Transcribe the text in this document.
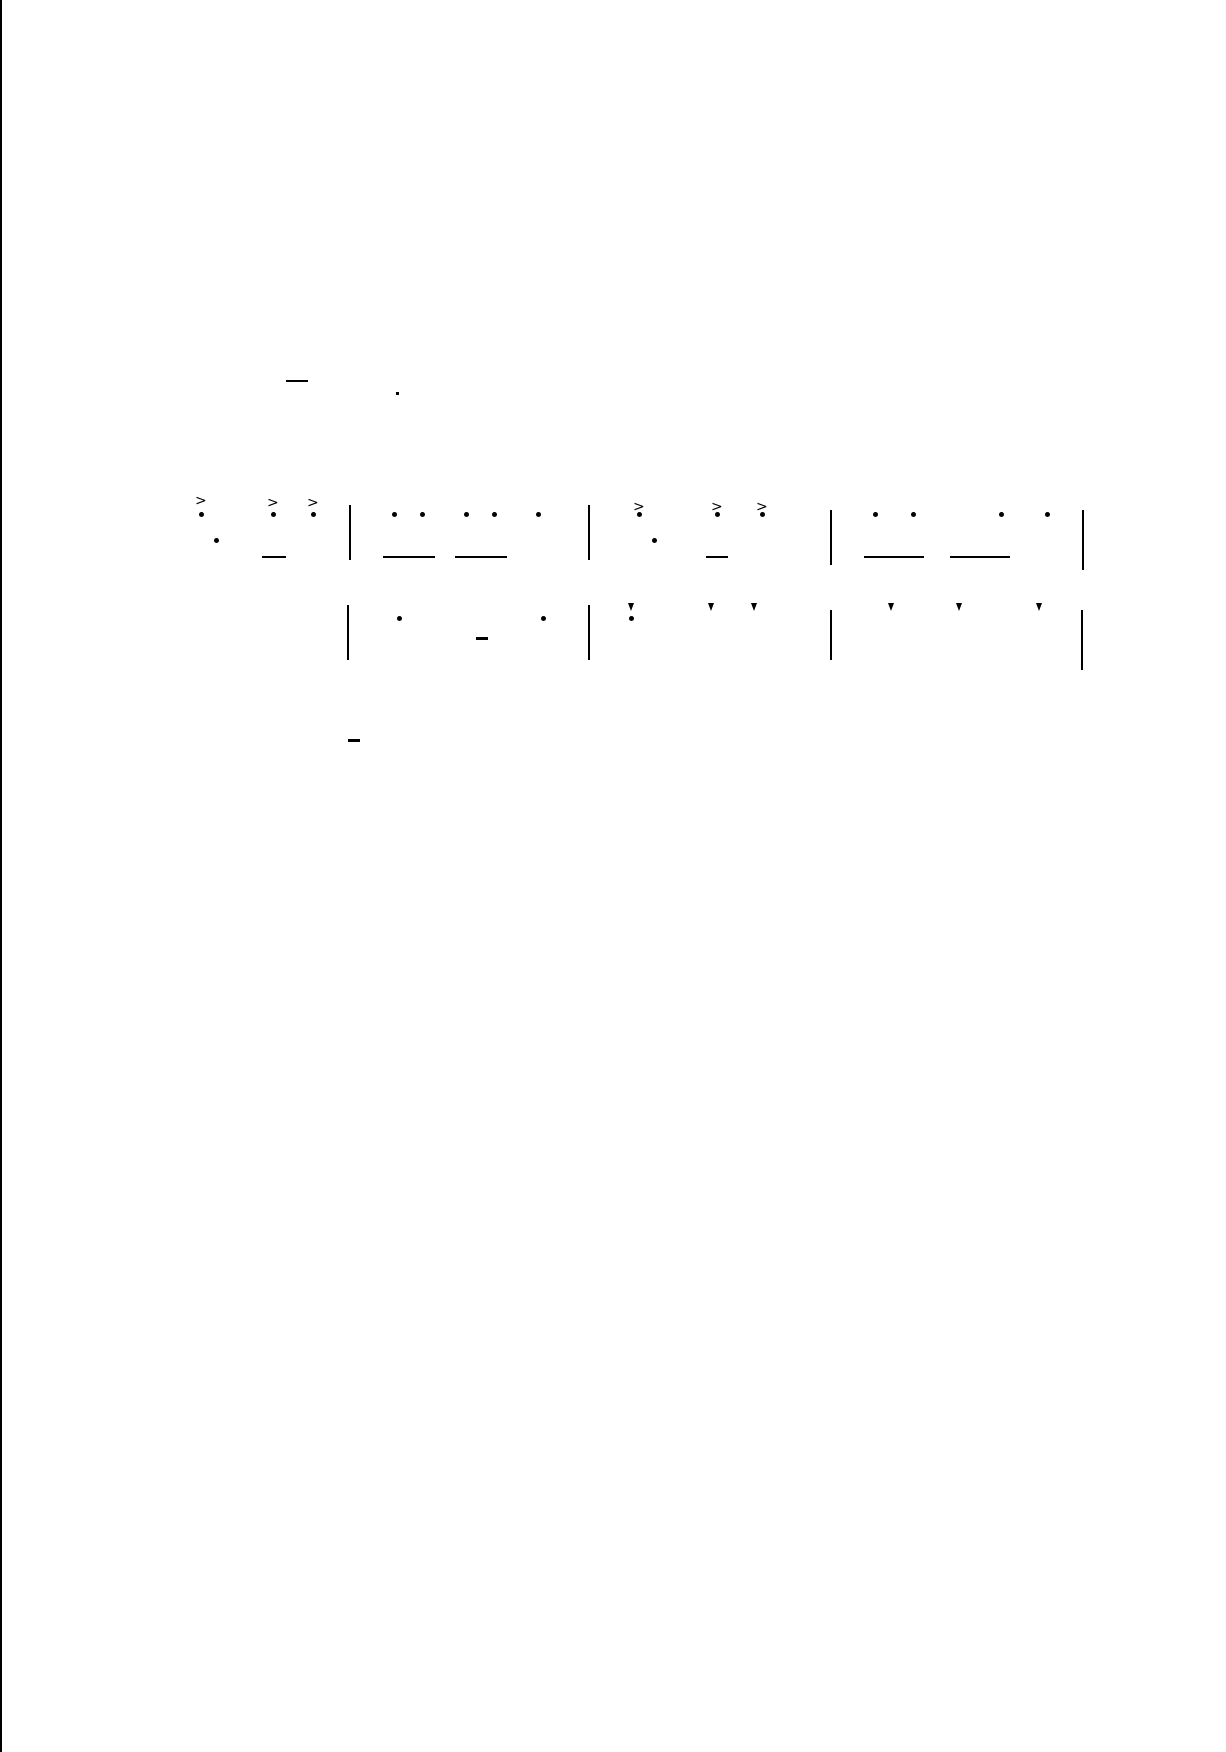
>	> >	>	> >
